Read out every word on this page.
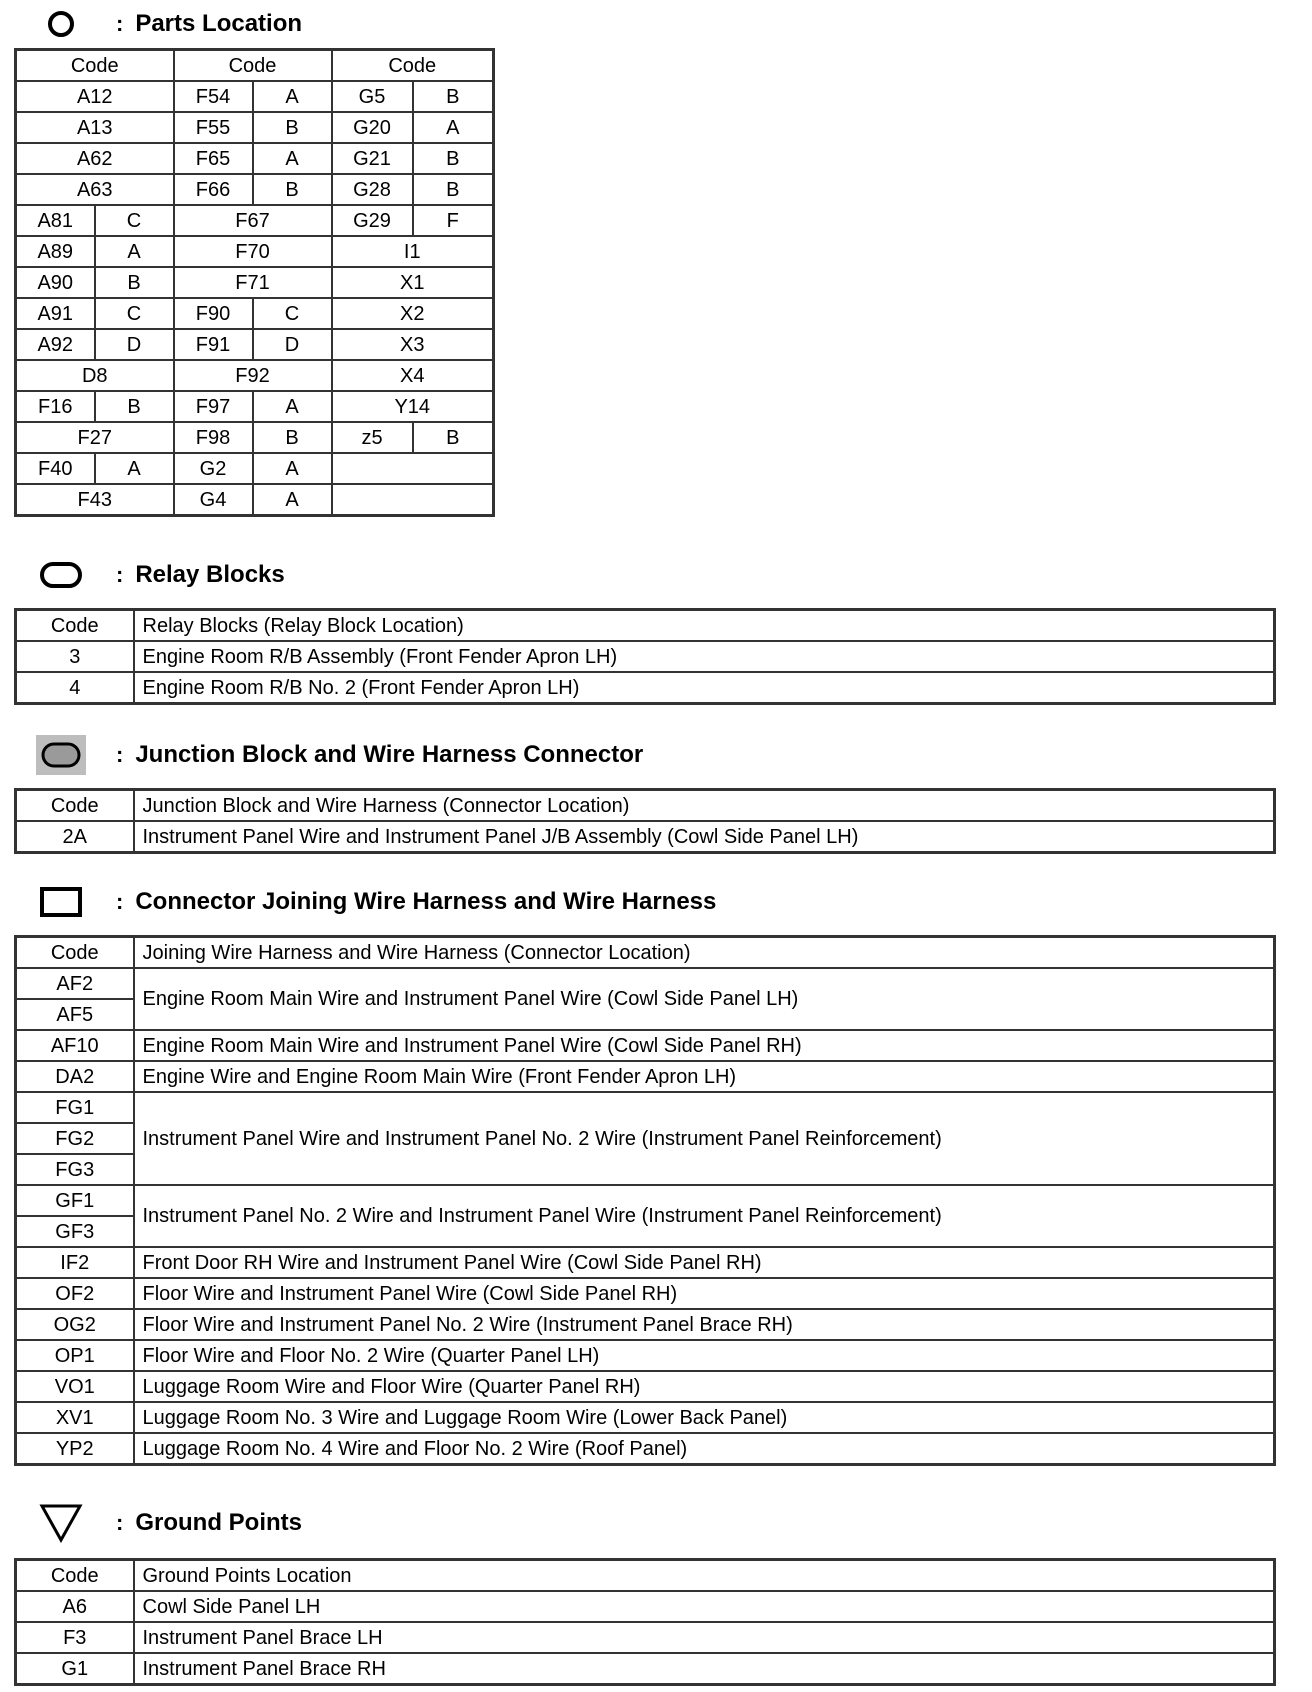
: Parts Location
Code		Code		Code	
A12		F54	A	G5	B
A13		F55	B	G20	A
A62		F65	A	G21	B
A63		F66	B	G28	B
A81	C	F67		G29	F
A89	A	F70		I1	
A90	B	F71		X1	
A91	C	F90	C	X2	
A92	D	F91	D	X3	
D8		F92		X4	
F16	B	F97	A	Y14	
F27		F98	B	z5	B
F40	A	G2	A		
F43		G4	A		
: Relay Blocks
Code	Relay Blocks (Relay Block Location)
3	Engine Room R/B Assembly (Front Fender Apron LH)
4	Engine Room R/B No. 2 (Front Fender Apron LH)
: Junction Block and Wire Harness Connector
Code	Junction Block and Wire Harness (Connector Location)
2A	Instrument Panel Wire and Instrument Panel J/B Assembly (Cowl Side Panel LH)
: Connector Joining Wire Harness and Wire Harness
Code	Joining Wire Harness and Wire Harness (Connector Location)
AF2	Engine Room Main Wire and Instrument Panel Wire (Cowl Side Panel LH)
AF5	
AF10	Engine Room Main Wire and Instrument Panel Wire (Cowl Side Panel RH)
DA2	Engine Wire and Engine Room Main Wire (Front Fender Apron LH)
FG1	Instrument Panel Wire and Instrument Panel No. 2 Wire (Instrument Panel Reinforcement)
FG2	
FG3	
GF1	Instrument Panel No. 2 Wire and Instrument Panel Wire (Instrument Panel Reinforcement)
GF3	
IF2	Front Door RH Wire and Instrument Panel Wire (Cowl Side Panel RH)
OF2	Floor Wire and Instrument Panel Wire (Cowl Side Panel RH)
OG2	Floor Wire and Instrument Panel No. 2 Wire (Instrument Panel Brace RH)
OP1	Floor Wire and Floor No. 2 Wire (Quarter Panel LH)
VO1	Luggage Room Wire and Floor Wire (Quarter Panel RH)
XV1	Luggage Room No. 3 Wire and Luggage Room Wire (Lower Back Panel)
YP2	Luggage Room No. 4 Wire and Floor No. 2 Wire (Roof Panel)
: Ground Points
Code	Ground Points Location
A6	Cowl Side Panel LH
F3	Instrument Panel Brace LH
G1	Instrument Panel Brace RH
